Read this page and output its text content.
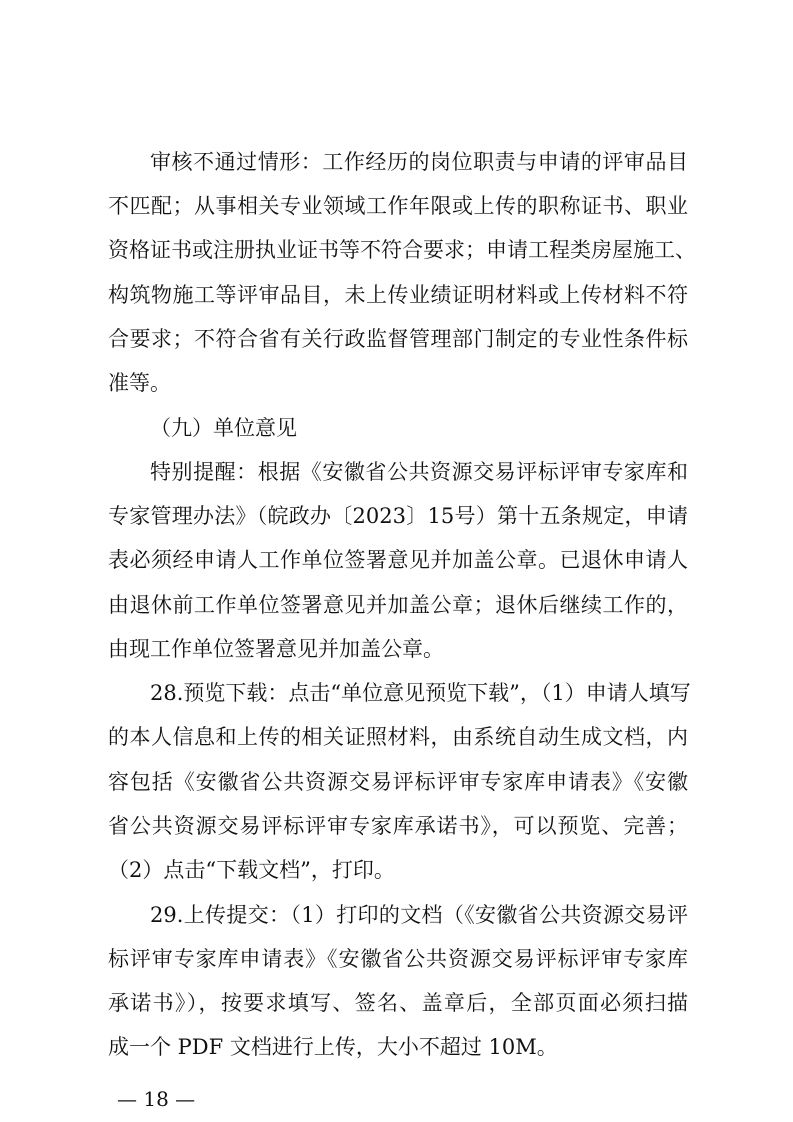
审核不通过情形：工作经历的岗位职责与申请的评审品目
不匹配；从事相关专业领域工作年限或上传的职称证书、职业
资格证书或注册执业证书等不符合要求；申请工程类房屋施工、
构筑物施工等评审品目，未上传业绩证明材料或上传材料不符
合要求；不符合省有关行政监督管理部门制定的专业性条件标
准等。
（九）单位意见
特别提醒：根据《安徽省公共资源交易评标评审专家库和
专家管理办法》（皖政办〔2023〕15号）第十五条规定，申请
表必须经申请人工作单位签署意见并加盖公章。已退休申请人
由退休前工作单位签署意见并加盖公章；退休后继续工作的，
由现工作单位签署意见并加盖公章。
28.预览下载：点击“单位意见预览下载”，（1）申请人填写
的本人信息和上传的相关证照材料，由系统自动生成文档，内
容包括《安徽省公共资源交易评标评审专家库申请表》《安徽
省公共资源交易评标评审专家库承诺书》，可以预览、完善；
（2）点击“下载文档”，打印。
29.上传提交：（1）打印的文档（《安徽省公共资源交易评
标评审专家库申请表》《安徽省公共资源交易评标评审专家库
承诺书》），按要求填写、签名、盖章后，全部页面必须扫描
成一个 PDF 文档进行上传，大小不超过 10M。
— 18 —
